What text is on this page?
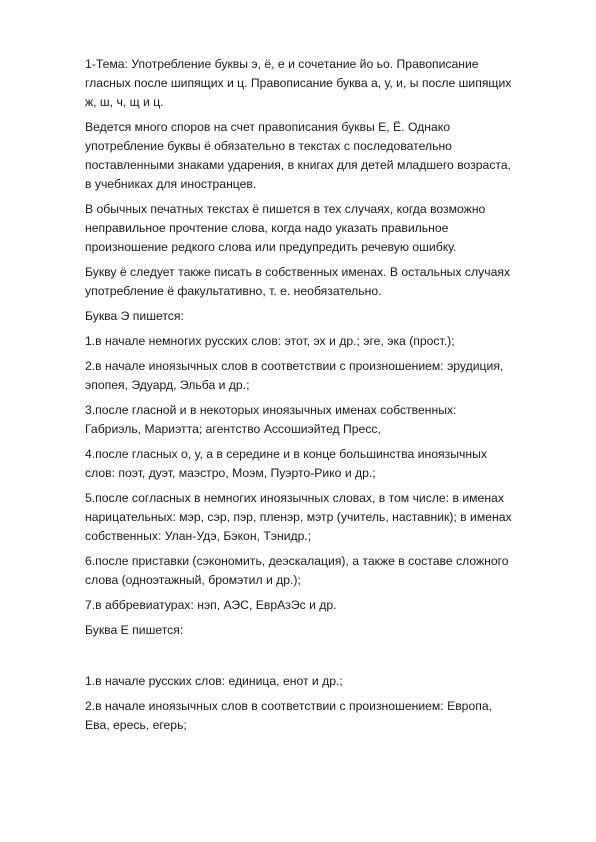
1-Тема: Употребление буквы э, ё, е и сочетание йо ьо. Правописание гласных после шипящих и ц. Правописание буква а, у, и, ы после шипящих ж, ш, ч, щ и ц.

Ведется много споров на счет правописания буквы Е, Ё. Однако употребление буквы ё обязательно в текстах с последовательно поставленными знаками ударения, в книгах для детей младшего возраста, в учебниках для иностранцев.

В обычных печатных текстах ё пишется в тех случаях, когда возможно неправильное прочтение слова, когда надо указать правильное произношение редкого слова или предупредить речевую ошибку.

Букву ё следует также писать в собственных именах. В остальных случаях употребление ё факультативно, т. е. необязательно.

Буква Э пишется:

1.в начале немногих русских слов: этот, эх и др.; эге, эка (прост.);

2.в начале иноязычных слов в соответствии с произношением: эрудиция, эпопея, Эдуард, Эльба и др.;

3.после гласной и в некоторых иноязычных именах собственных: Габриэль, Мариэтта; агентство Ассошиэйтед Пресс,

4.после гласных о, у, а в середине и в конце большинства иноязычных слов: поэт, дуэт, маэстро, Моэм, Пуэрто-Рико и др.;

5.после согласных в немногих иноязычных словах, в том числе: в именах нарицательных: мэр, сэр, пэр, пленэр, мэтр (учитель, наставник); в именах собственных: Улан-Удэ, Бэкон, Тэнидр.;

6.после приставки (сэкономить, деэскалация), а также в составе сложного слова (одноэтажный, бромэтил и др.);

7.в аббревиатурах: нэп, АЭС, ЕврАзЭс и др.

Буква Е пишется:

1.в начале русских слов: единица, енот и др.;

2.в начале иноязычных слов в соответствии с произношением: Европа, Ева, ересь, егерь;
